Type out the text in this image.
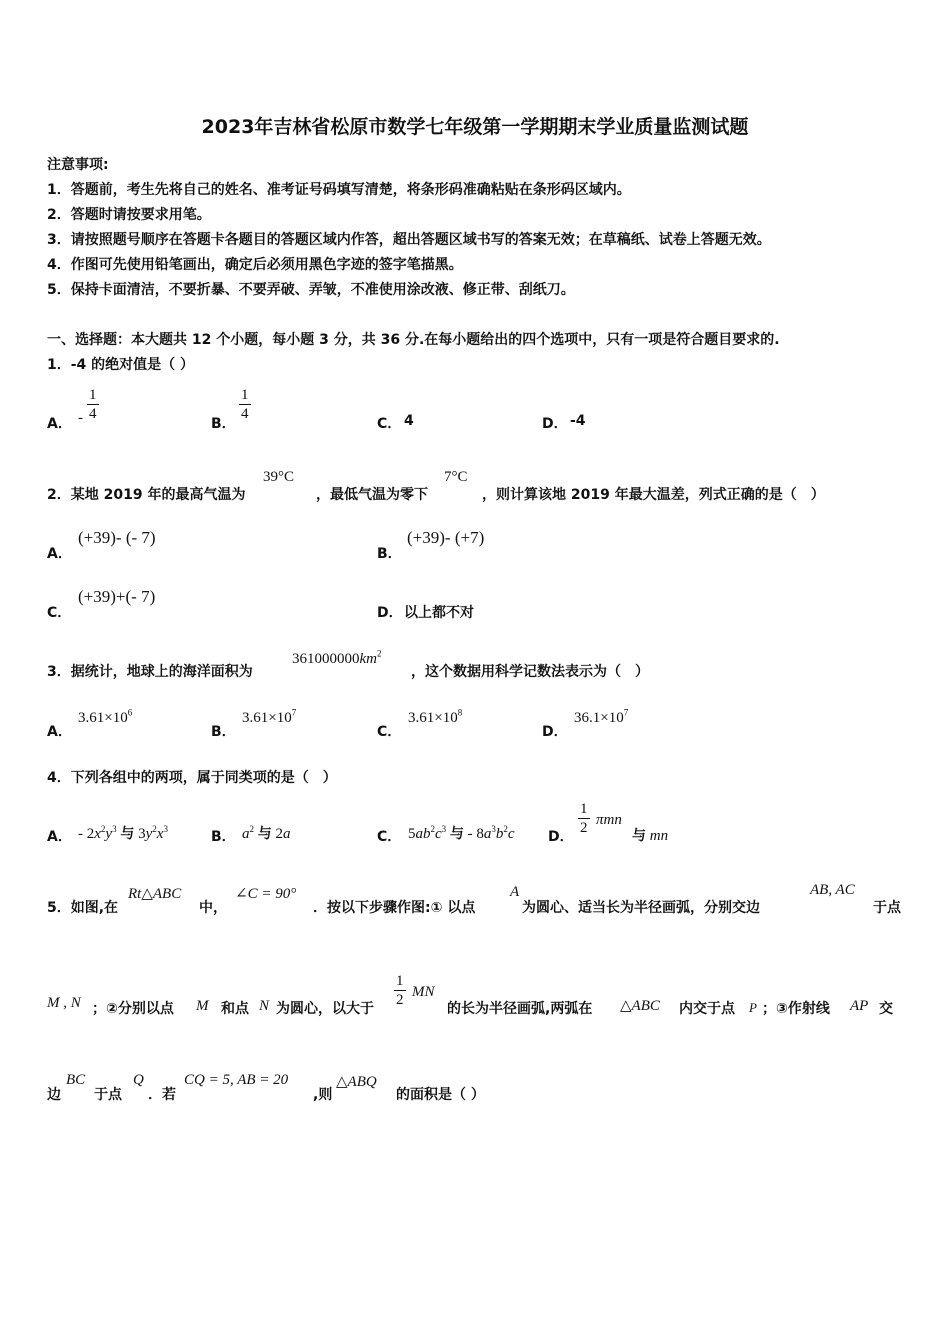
2023年吉林省松原市数学七年级第一学期期末学业质量监测试题
注意事项:
1．答题前，考生先将自己的姓名、准考证号码填写清楚，将条形码准确粘贴在条形码区域内。
2．答题时请按要求用笔。
3．请按照题号顺序在答题卡各题目的答题区域内作答，超出答题区域书写的答案无效；在草稿纸、试卷上答题无效。
4．作图可先使用铅笔画出，确定后必须用黑色字迹的签字笔描黑。
5．保持卡面清洁，不要折暴、不要弄破、弄皱，不准使用涂改液、修正带、刮纸刀。
一、选择题：本大题共 12 个小题，每小题 3 分，共 36 分.在每小题给出的四个选项中，只有一项是符合题目要求的.
1．-4 的绝对值是（ ）
A． - $\frac{1}{4}$
B．
$\frac{1}{4}$
C． 4	D． -4
2．某地 2019 年的最高气温为
39°C
，最低气温为零下
7°C
，则计算该地 2019 年最大温差，列式正确的是（　）
A．
(+39)- (- 7)
B．
(+39)- (+7)
C．
(+39)+(- 7)
D． 以上都不对
3．据统计，地球上的海洋面积为
$361000000km^2$
，这个数据用科学记数法表示为（　）
A．
$3.61\times 10^6$
B．
$3.61\times 10^7$
C．
$3.61\times 10^8$
D．
$36.1\times 10^7$
4．下列各组中的两项，属于同类项的是（　）
A． - $2x^2y^3$ 与 $3y^2x^3$	B． $a^2$ 与 2a	C． $5ab^2c^3$ 与 - $8a^3b^2c$ D． $\frac{1}{2}$ πmn
与 mn
5．如图,在
Rt△ABC
中，
∠C = 90°
．按以下步骤作图:① 以点
A
为圆心、适当长为半径画弧，分别交边
AB, AC
于点
M , N ；②分别以点 M 和点 N 为圆心，以大于 $\frac{1}{2}$ MN
的长为半径画弧,两弧在 △ABC 内交于点 P ；③作射线 AP 交
边
BC
于点
Q
．若
CQ = 5, AB = 20
,则
△ABQ
的面积是（ ）
